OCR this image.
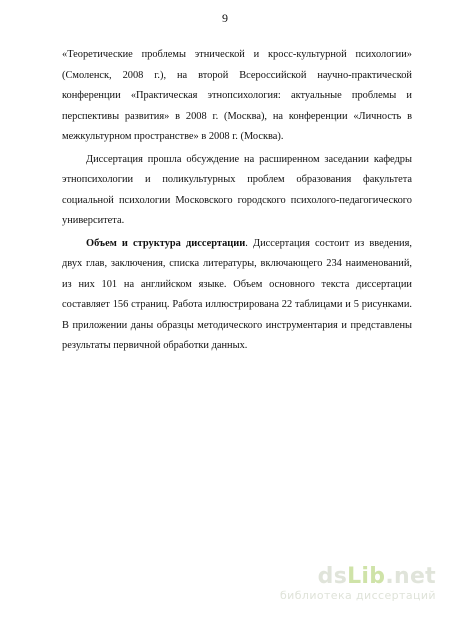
9

«Теоретические проблемы этнической и кросс-культурной психологии» (Смоленск, 2008 г.), на второй Всероссийской научно-практической конференции «Практическая этнопсихология: актуальные проблемы и перспективы развития» в 2008 г. (Москва), на конференции «Личность в межкультурном пространстве» в 2008 г. (Москва).

Диссертация прошла обсуждение на расширенном заседании кафедры этнопсихологии и поликультурных проблем образования факультета социальной психологии Московского городского психолого-педагогического университета.

Объем и структура диссертации. Диссертация состоит из введения, двух глав, заключения, списка литературы, включающего 234 наименований, из них 101 на английском языке. Объем основного текста диссертации составляет 156 страниц. Работа иллюстрирована 22 таблицами и 5 рисунками. В приложении даны образцы методического инструментария и представлены результаты первичной обработки данных.

dsLib.net
библиотека диссертаций
